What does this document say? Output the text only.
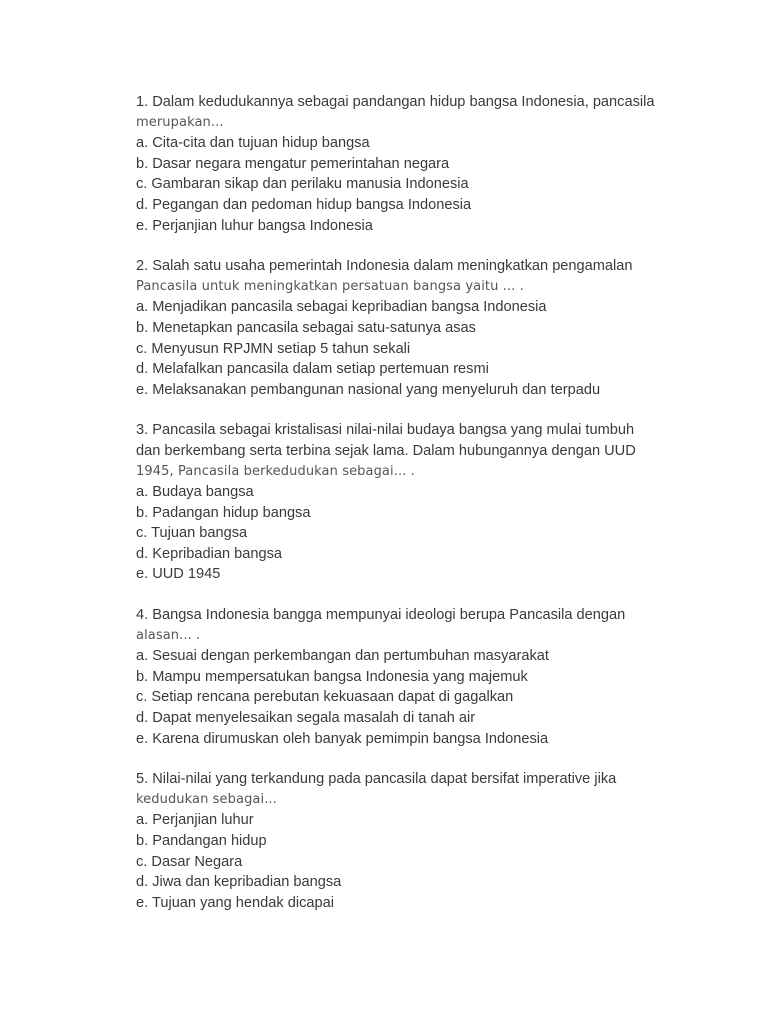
1. Dalam kedudukannya sebagai pandangan hidup bangsa Indonesia, pancasila
merupakan...
a. Cita-cita dan tujuan hidup bangsa
b. Dasar negara mengatur pemerintahan negara
c. Gambaran sikap dan perilaku manusia Indonesia
d. Pegangan dan pedoman hidup bangsa Indonesia
e. Perjanjian luhur bangsa Indonesia
2. Salah satu usaha pemerintah Indonesia dalam meningkatkan pengamalan
Pancasila untuk meningkatkan persatuan bangsa yaitu ... .
a. Menjadikan pancasila sebagai kepribadian bangsa Indonesia
b. Menetapkan pancasila sebagai satu-satunya asas
c. Menyusun RPJMN setiap 5 tahun sekali
d. Melafalkan pancasila dalam setiap pertemuan resmi
e. Melaksanakan pembangunan nasional yang menyeluruh dan terpadu
3. Pancasila sebagai kristalisasi nilai-nilai budaya bangsa yang mulai tumbuh
dan berkembang serta terbina sejak lama. Dalam hubungannya dengan UUD
1945, Pancasila berkedudukan sebagai... .
a. Budaya bangsa
b. Padangan hidup bangsa
c. Tujuan bangsa
d. Kepribadian bangsa
e. UUD 1945
4. Bangsa Indonesia bangga mempunyai ideologi berupa Pancasila dengan
alasan... .
a. Sesuai dengan perkembangan dan pertumbuhan masyarakat
b. Mampu mempersatukan bangsa Indonesia yang majemuk
c. Setiap rencana perebutan kekuasaan dapat di gagalkan
d. Dapat menyelesaikan segala masalah di tanah air
e. Karena dirumuskan oleh banyak pemimpin bangsa Indonesia
5. Nilai-nilai yang terkandung pada pancasila dapat bersifat imperative jika
kedudukan sebagai...
a. Perjanjian luhur
b. Pandangan hidup
c. Dasar Negara
d. Jiwa dan kepribadian bangsa
e. Tujuan yang hendak dicapai
